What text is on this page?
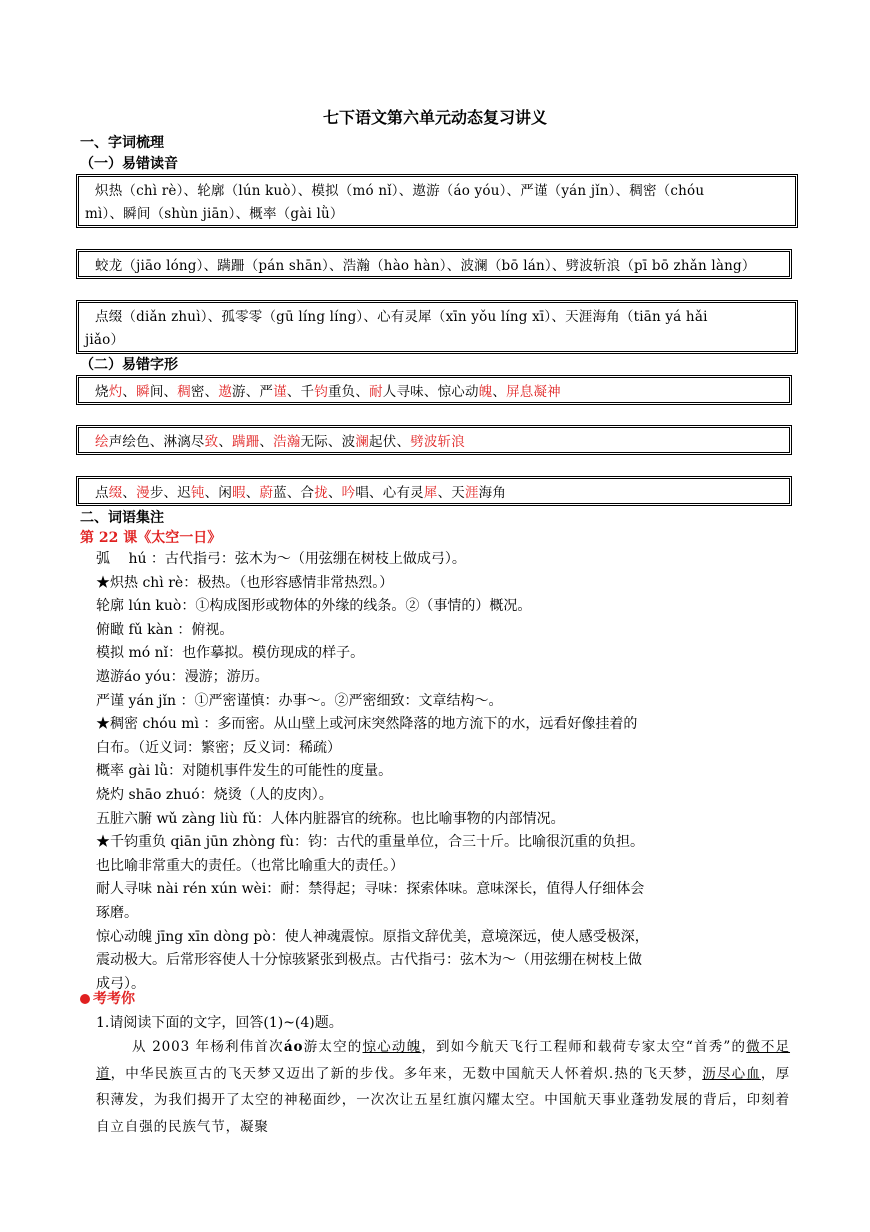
七下语文第六单元动态复习讲义
一、字词梳理
（一）易错读音
炽热（chì rè）、轮廓（lún kuò）、模拟（mó nǐ）、遨游（áo yóu）、严谨（yán jǐn）、稠密（chóu
mì）、瞬间（shùn jiān）、概率（gài lǜ）
蛟龙（jiāo lóng）、蹒跚（pán shān）、浩瀚（hào hàn）、波澜（bō lán）、劈波斩浪（pī bō zhǎn làng）
点缀（diǎn zhuì）、孤零零（gū líng líng）、心有灵犀（xīn yǒu líng xī）、天涯海角（tiān yá hǎi
jiǎo）
（二）易错字形
烧灼、瞬间、稠密、遨游、严谨、千钧重负、耐人寻味、惊心动魄、屏息凝神
绘声绘色、淋漓尽致、蹒跚、浩瀚无际、波澜起伏、劈波斩浪
点缀、漫步、迟钝、闲暇、蔚蓝、合拢、吟唱、心有灵犀、天涯海角
二、词语集注
第 22 课《太空一日》

弧　 hú ：古代指弓：弦木为～（用弦绷在树枝上做成弓）。

★炽热 chì rè：极热。（也形容感情非常热烈。）

轮廓 lún kuò：①构成图形或物体的外缘的线条。②（事情的）概况。

俯瞰 fǔ kàn ：俯视。

模拟 mó nǐ：也作摹拟。模仿现成的样子。

遨游áo yóu：漫游；游历。

严谨 yán jǐn ：①严密谨慎：办事～。②严密细致：文章结构～。

★稠密 chóu mì ：多而密。从山壁上或河床突然降落的地方流下的水，远看好像挂着的

白布。（近义词：繁密；反义词：稀疏）

概率 gài lǜ：对随机事件发生的可能性的度量。

烧灼 shāo zhuó：烧烫（人的皮肉）。

五脏六腑 wǔ zàng liù fǔ：人体内脏器官的统称。也比喻事物的内部情况。

★千钧重负 qiān jūn zhòng fù：钧：古代的重量单位，合三十斤。比喻很沉重的负担。

也比喻非常重大的责任。（也常比喻重大的责任。）

耐人寻味 nài rén xún wèi：耐：禁得起；寻味：探索体味。意味深长，值得人仔细体会

琢磨。

惊心动魄 jīng xīn dòng pò：使人神魂震惊。原指文辞优美，意境深远，使人感受极深，

震动极大。后常形容使人十分惊骇紧张到极点。古代指弓：弦木为～（用弦绷在树枝上做

成弓）。

考考你
1.请阅读下面的文字，回答(1)~(4)题。

从 2003 年杨利伟首次áo游太空的惊心动魄，到如今航天飞行工程师和载荷专家太空“首秀”的微不足道，中华民族亘古的飞天梦又迈出了新的步伐。多年来，无数中国航天人怀着炽.热的飞天梦，沥尽心血，厚积薄发，为我们揭开了太空的神秘面纱，一次次让五星红旗闪耀太空。中国航天事业蓬勃发展的背后，印刻着自立自强的民族气节，凝聚
